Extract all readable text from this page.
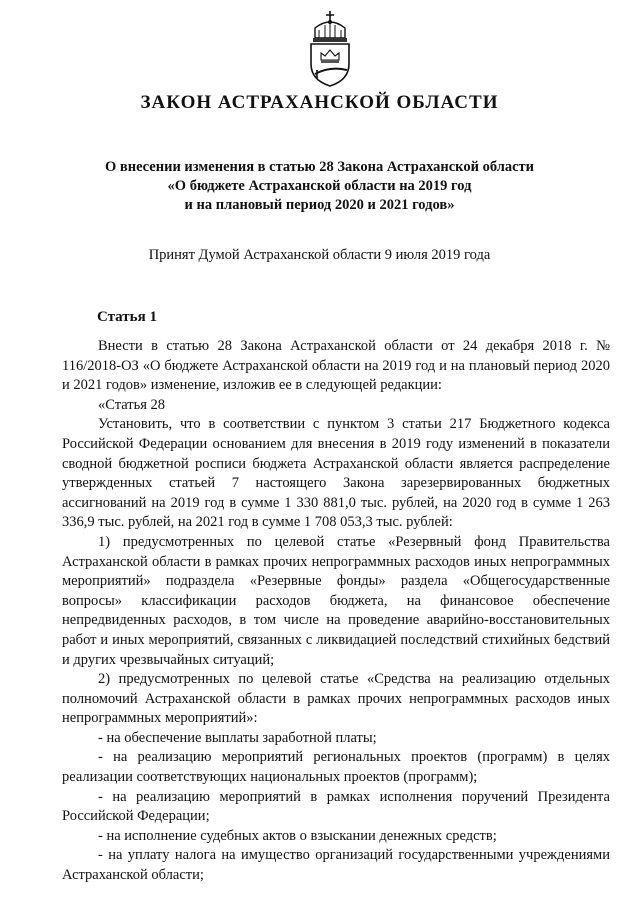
ЗАКОН АСТРАХАНСКОЙ ОБЛАСТИ
О внесении изменения в статью 28 Закона Астраханской области
«О бюджете Астраханской области на 2019 год
и на плановый период 2020 и 2021 годов»
Принят Думой Астраханской области 9 июля 2019 года
Статья 1

Внести в статью 28 Закона Астраханской области от 24 декабря 2018 г. № 116/2018-ОЗ «О бюджете Астраханской области на 2019 год и на плановый период 2020 и 2021 годов» изменение, изложив ее в следующей редакции:

«Статья 28

Установить, что в соответствии с пунктом 3 статьи 217 Бюджетного кодекса Российской Федерации основанием для внесения в 2019 году изменений в показатели сводной бюджетной росписи бюджета Астраханской области является распределение утвержденных статьей 7 настоящего Закона зарезервированных бюджетных ассигнований на 2019 год в сумме 1 330 881,0 тыс. рублей, на 2020 год в сумме 1 263 336,9 тыс. рублей, на 2021 год в сумме 1 708 053,3 тыс. рублей:

1) предусмотренных по целевой статье «Резервный фонд Правительства Астраханской области в рамках прочих непрограммных расходов иных непрограммных мероприятий» подраздела «Резервные фонды» раздела «Общегосударственные вопросы» классификации расходов бюджета, на финансовое обеспечение непредвиденных расходов, в том числе на проведение аварийно-восстановительных работ и иных мероприятий, связанных с ликвидацией последствий стихийных бедствий и других чрезвычайных ситуаций;

2) предусмотренных по целевой статье «Средства на реализацию отдельных полномочий Астраханской области в рамках прочих непрограммных расходов иных непрограммных мероприятий»:

- на обеспечение выплаты заработной платы;

- на реализацию мероприятий региональных проектов (программ) в целях реализации соответствующих национальных проектов (программ);

- на реализацию мероприятий в рамках исполнения поручений Президента Российской Федерации;

- на исполнение судебных актов о взыскании денежных средств;

- на уплату налога на имущество организаций государственными учреждениями Астраханской области;
